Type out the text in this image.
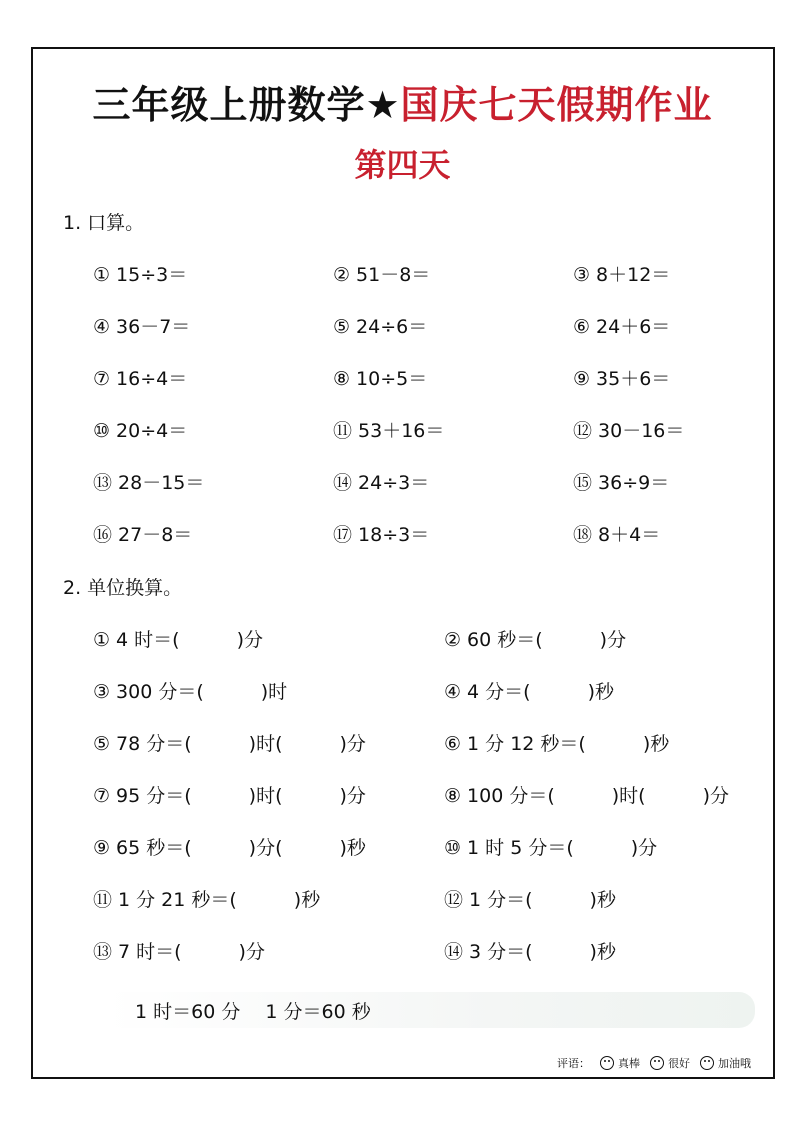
三年级上册数学★国庆七天假期作业
第四天
1. 口算。
① 15÷3＝	② 51－8＝	③ 8＋12＝
④ 36－7＝	⑤ 24÷6＝	⑥ 24＋6＝
⑦ 16÷4＝	⑧ 10÷5＝	⑨ 35＋6＝
⑩ 20÷4＝	⑪ 53＋16＝	⑫ 30－16＝
⑬ 28－15＝	⑭ 24÷3＝	⑮ 36÷9＝
⑯ 27－8＝	⑰ 18÷3＝	⑱ 8＋4＝
2. 单位换算。
① 4 时＝(　　　)分	② 60 秒＝(　　　)分
③ 300 分＝(　　　)时	④ 4 分＝(　　　)秒
⑤ 78 分＝(　　　)时(　　　)分	⑥ 1 分 12 秒＝(　　　)秒
⑦ 95 分＝(　　　)时(　　　)分	⑧ 100 分＝(　　　)时(　　　)分
⑨ 65 秒＝(　　　)分(　　　)秒	⑩ 1 时 5 分＝(　　　)分
⑪ 1 分 21 秒＝(　　　)秒	⑫ 1 分＝(　　　)秒
⑬ 7 时＝(　　　)分	⑭ 3 分＝(　　　)秒
1 时＝60 分　 1 分＝60 秒
评语：	真棒	很好	加油哦
